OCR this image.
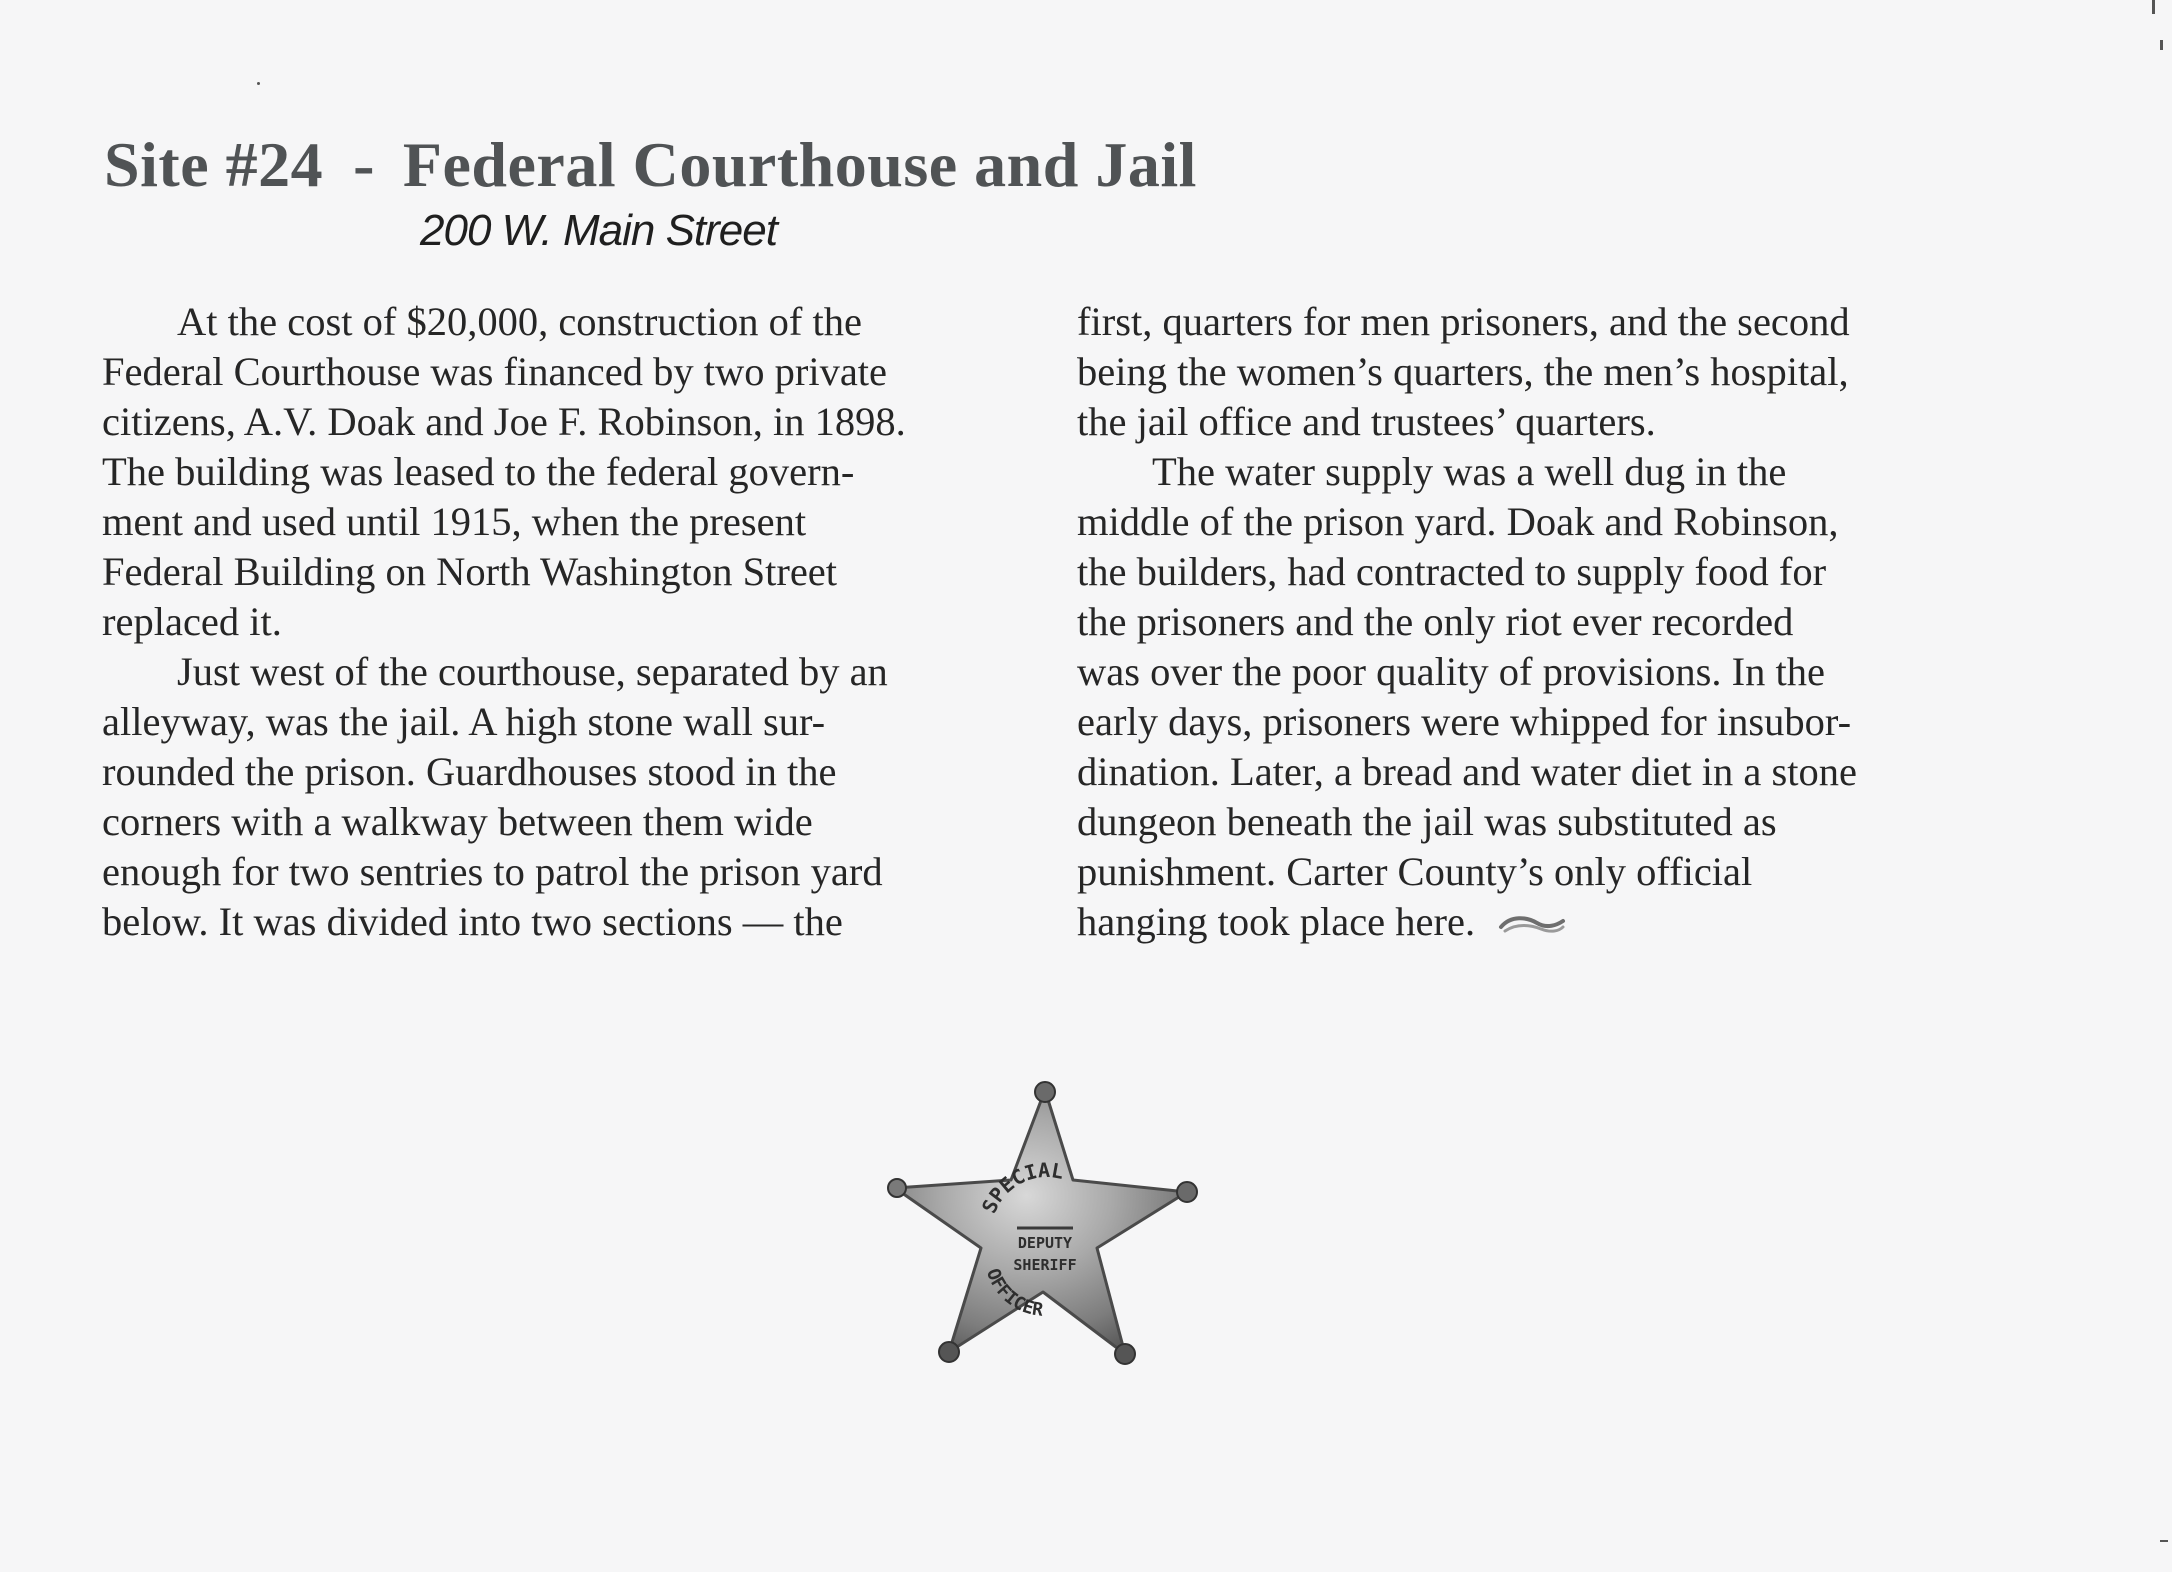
Site #24 - Federal Courthouse and Jail
200 W. Main Street

At the cost of $20,000, construction of the
Federal Courthouse was financed by two private
citizens, A.V. Doak and Joe F. Robinson, in 1898.
The building was leased to the federal govern-
ment and used until 1915, when the present
Federal Building on North Washington Street
replaced it.

Just west of the courthouse, separated by an
alleyway, was the jail. A high stone wall sur-
rounded the prison. Guardhouses stood in the
corners with a walkway between them wide
enough for two sentries to patrol the prison yard
below. It was divided into two sections — the

first, quarters for men prisoners, and the second
being the women’s quarters, the men’s hospital,
the jail office and trustees’ quarters.

The water supply was a well dug in the
middle of the prison yard. Doak and Robinson,
the builders, had contracted to supply food for
the prisoners and the only riot ever recorded
was over the poor quality of provisions. In the
early days, prisoners were whipped for insubor-
dination. Later, a bread and water diet in a stone
dungeon beneath the jail was substituted as
punishment. Carter County’s only official
hanging took place here.

SPECIAL
DEPUTY
SHERIFF
OFFICER
